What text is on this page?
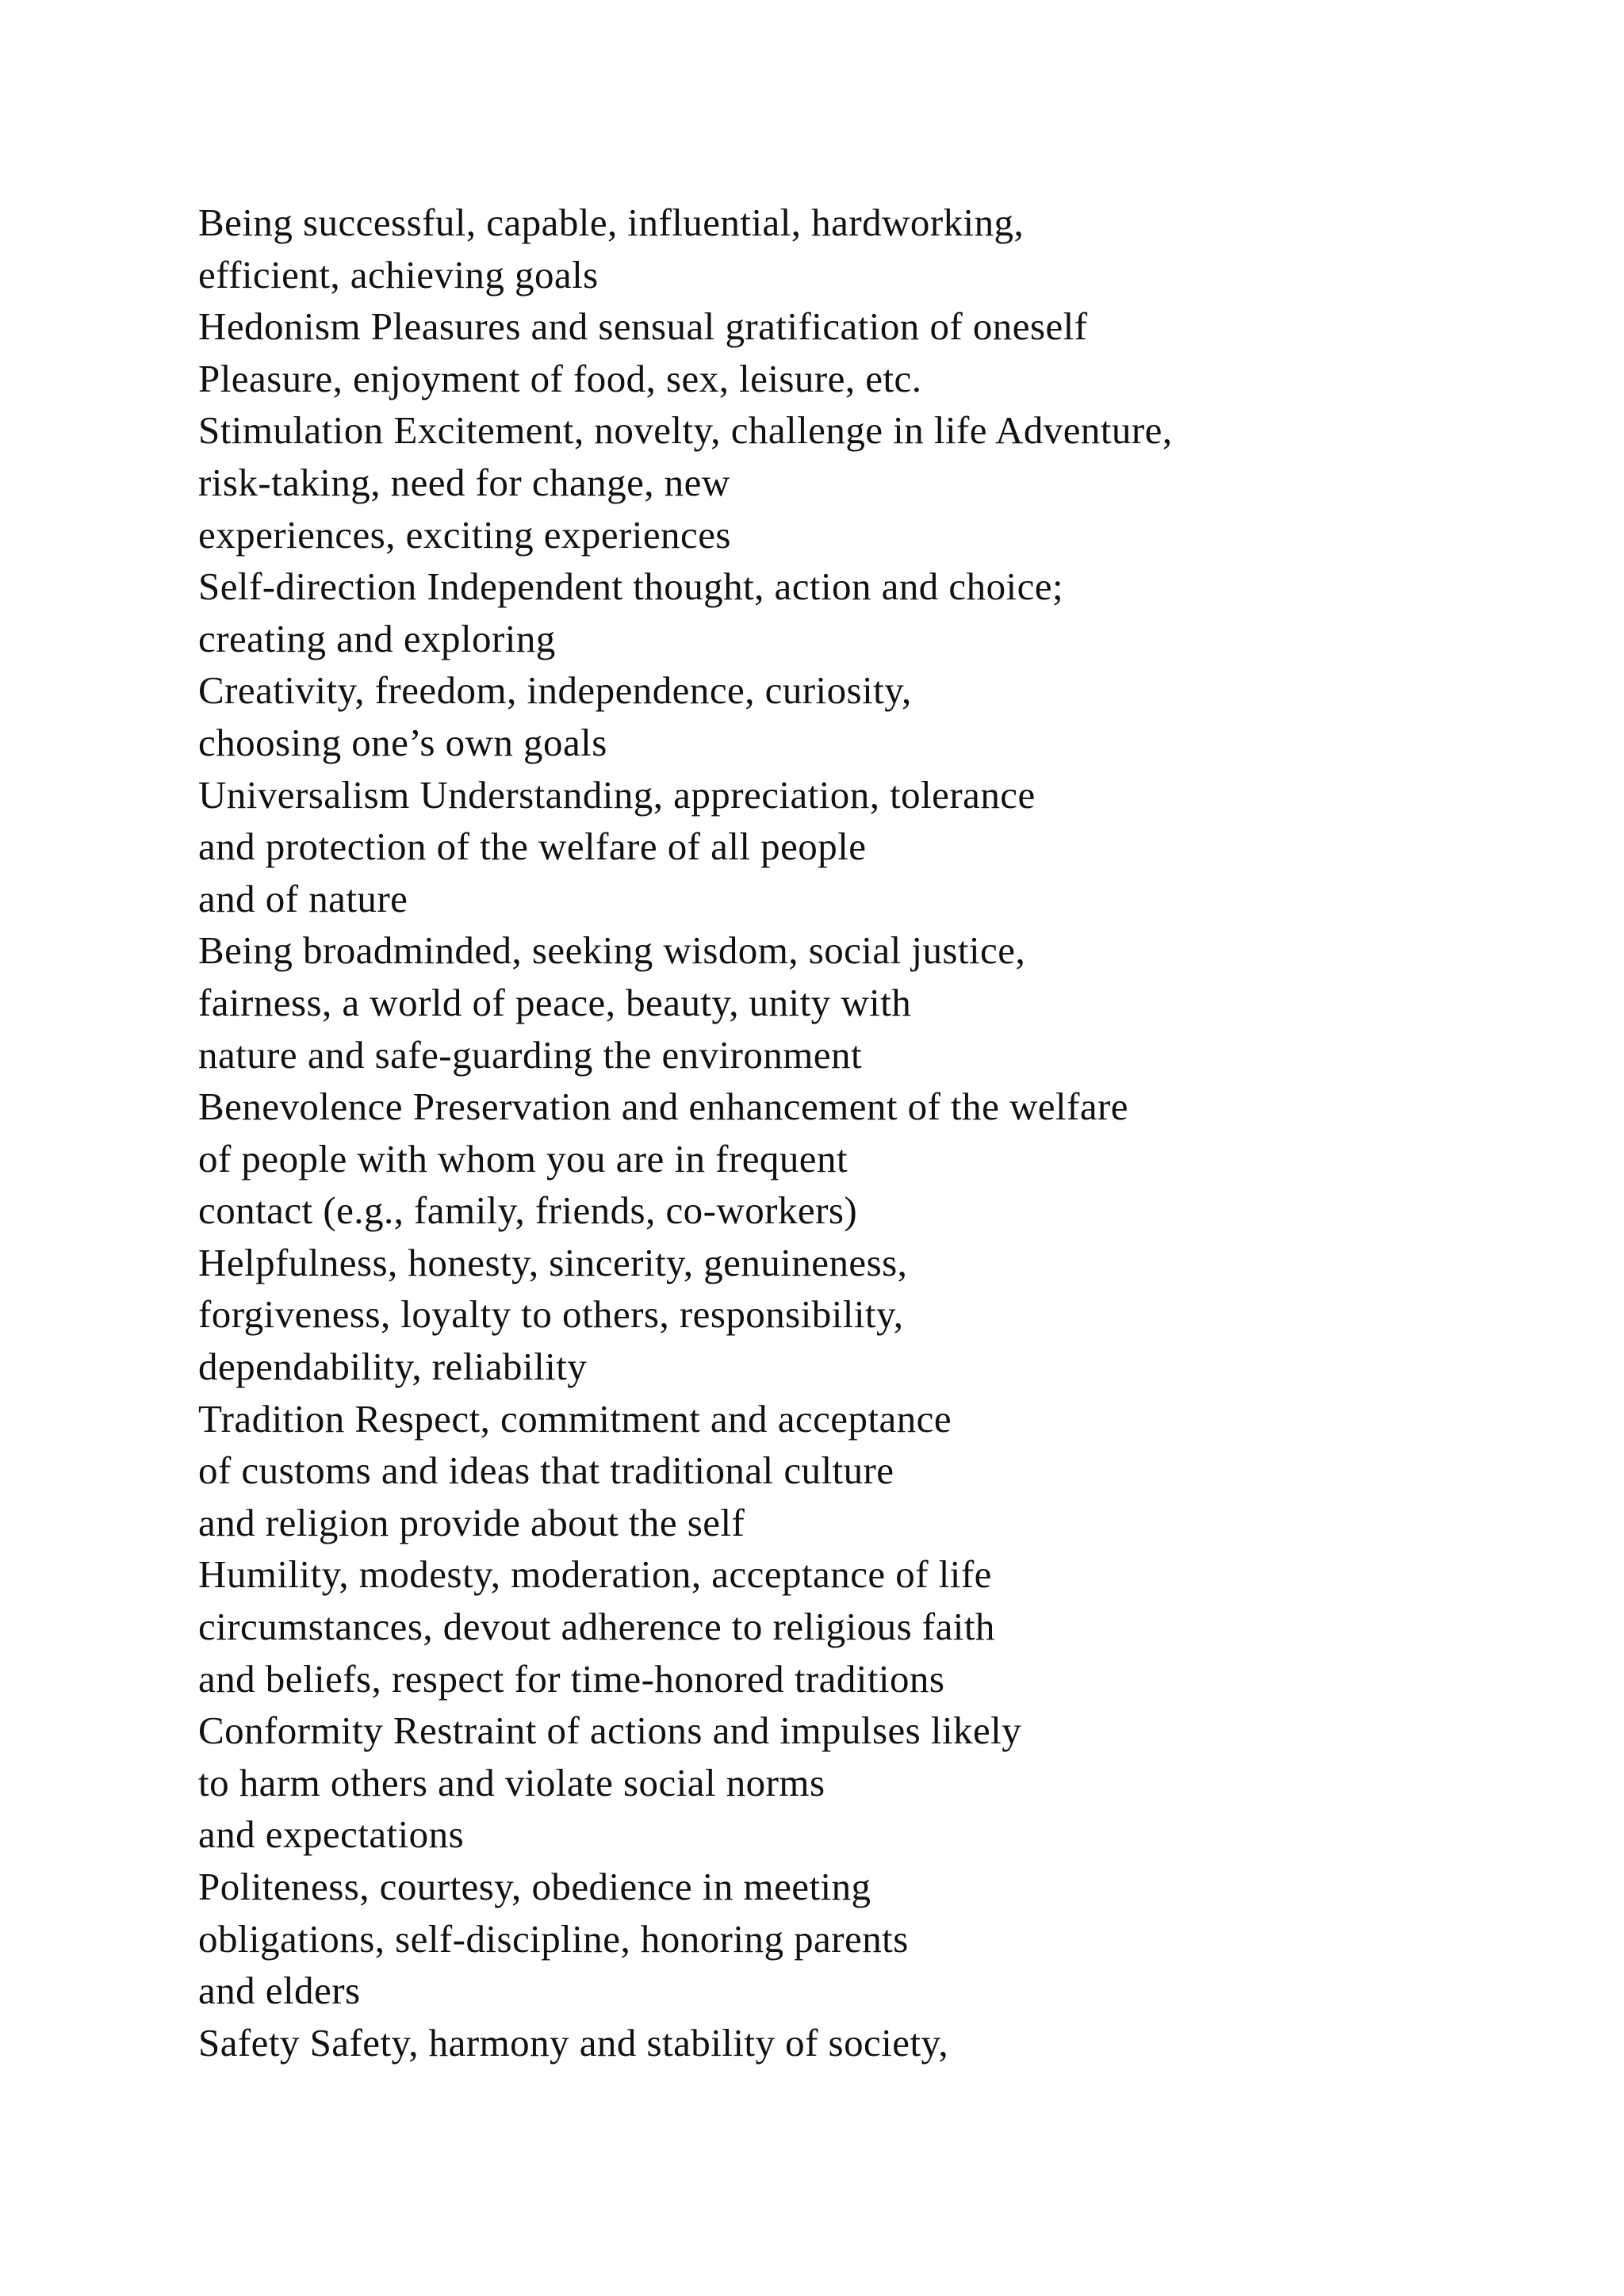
Being successful, capable, influential, hardworking,
efficient, achieving goals
Hedonism Pleasures and sensual gratification of oneself
Pleasure, enjoyment of food, sex, leisure, etc.
Stimulation Excitement, novelty, challenge in life Adventure,
risk-taking, need for change, new
experiences, exciting experiences
Self-direction Independent thought, action and choice;
creating and exploring
Creativity, freedom, independence, curiosity,
choosing one’s own goals
Universalism Understanding, appreciation, tolerance
and protection of the welfare of all people
and of nature
Being broadminded, seeking wisdom, social justice,
fairness, a world of peace, beauty, unity with
nature and safe-guarding the environment
Benevolence Preservation and enhancement of the welfare
of people with whom you are in frequent
contact (e.g., family, friends, co-workers)
Helpfulness, honesty, sincerity, genuineness,
forgiveness, loyalty to others, responsibility,
dependability, reliability
Tradition Respect, commitment and acceptance
of customs and ideas that traditional culture
and religion provide about the self
Humility, modesty, moderation, acceptance of life
circumstances, devout adherence to religious faith
and beliefs, respect for time-honored traditions
Conformity Restraint of actions and impulses likely
to harm others and violate social norms
and expectations
Politeness, courtesy, obedience in meeting
obligations, self-discipline, honoring parents
and elders
Safety Safety, harmony and stability of society,
